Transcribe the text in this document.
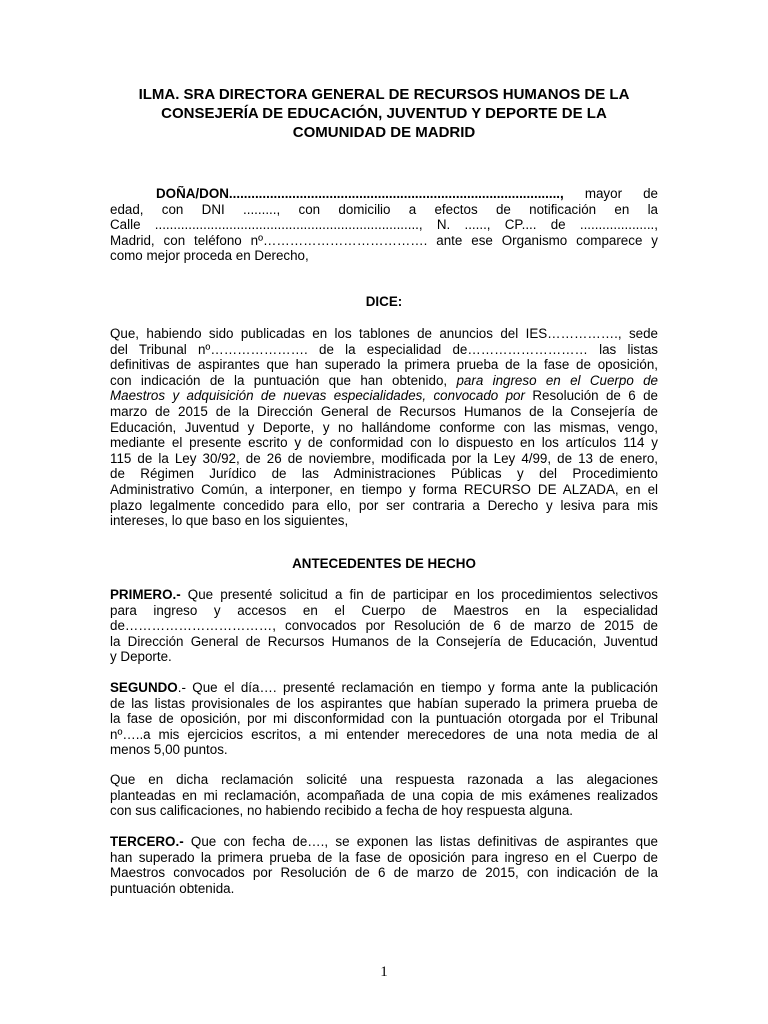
ILMA. SRA DIRECTORA GENERAL DE RECURSOS HUMANOS DE LA
CONSEJERÍA DE EDUCACIÓN, JUVENTUD Y DEPORTE DE LA
COMUNIDAD DE MADRID
DOÑA/DON........................................................................................., mayor de
edad, con DNI ........., con domicilio a efectos de notificación en la
Calle ......................................................................., N. ......, CP.... de ....................,
Madrid, con teléfono nº………………………………. ante ese Organismo comparece y
como mejor proceda en Derecho,
DICE:
Que, habiendo sido publicadas en los tablones de anuncios del IES……………., sede
del Tribunal nº…………………. de la especialidad de……………………… las listas
definitivas de aspirantes que han superado la primera prueba de la fase de oposición,
con indicación de la puntuación que han obtenido, para ingreso en el Cuerpo de
Maestros y adquisición de nuevas especialidades, convocado por Resolución de 6 de
marzo de 2015 de la Dirección General de Recursos Humanos de la Consejería de
Educación, Juventud y Deporte, y no hallándome conforme con las mismas, vengo,
mediante el presente escrito y de conformidad con lo dispuesto en los artículos 114 y
115 de la Ley 30/92, de 26 de noviembre, modificada por la Ley 4/99, de 13 de enero,
de Régimen Jurídico de las Administraciones Públicas y del Procedimiento
Administrativo Común, a interponer, en tiempo y forma RECURSO DE ALZADA, en el
plazo legalmente concedido para ello, por ser contraria a Derecho y lesiva para mis
intereses, lo que baso en los siguientes,
ANTECEDENTES DE HECHO
PRIMERO.- Que presenté solicitud a fin de participar en los procedimientos selectivos
para ingreso y accesos en el Cuerpo de Maestros en la especialidad
de……………………………, convocados por Resolución de 6 de marzo de 2015 de
la Dirección General de Recursos Humanos de la Consejería de Educación, Juventud
y Deporte.
SEGUNDO.- Que el día…. presenté reclamación en tiempo y forma ante la publicación
de las listas provisionales de los aspirantes que habían superado la primera prueba de
la fase de oposición, por mi disconformidad con la puntuación otorgada por el Tribunal
nº…..a mis ejercicios escritos, a mi entender merecedores de una nota media de al
menos 5,00 puntos.
Que en dicha reclamación solicité una respuesta razonada a las alegaciones
planteadas en mi reclamación, acompañada de una copia de mis exámenes realizados
con sus calificaciones, no habiendo recibido a fecha de hoy respuesta alguna.
TERCERO.- Que con fecha de…., se exponen las listas definitivas de aspirantes que
han superado la primera prueba de la fase de oposición para ingreso en el Cuerpo de
Maestros convocados por Resolución de 6 de marzo de 2015, con indicación de la
puntuación obtenida.
1
